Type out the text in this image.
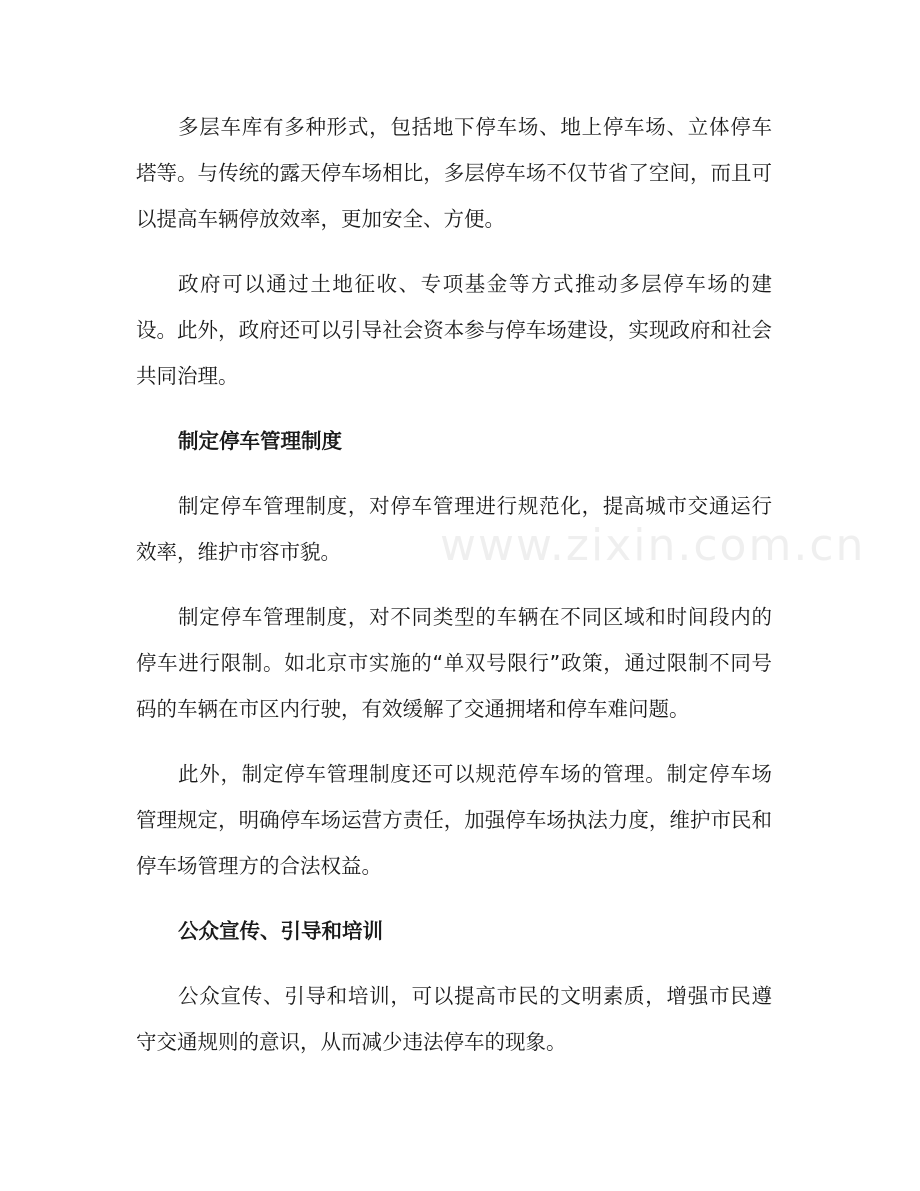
www.zixin.com.cn

多层车库有多种形式，包括地下停车场、地上停车场、立体停车塔等。与传统的露天停车场相比，多层停车场不仅节省了空间，而且可以提高车辆停放效率，更加安全、方便。

政府可以通过土地征收、专项基金等方式推动多层停车场的建设。此外，政府还可以引导社会资本参与停车场建设，实现政府和社会共同治理。

制定停车管理制度

制定停车管理制度，对停车管理进行规范化，提高城市交通运行效率，维护市容市貌。

制定停车管理制度，对不同类型的车辆在不同区域和时间段内的停车进行限制。如北京市实施的“单双号限行”政策，通过限制不同号码的车辆在市区内行驶，有效缓解了交通拥堵和停车难问题。

此外，制定停车管理制度还可以规范停车场的管理。制定停车场管理规定，明确停车场运营方责任，加强停车场执法力度，维护市民和停车场管理方的合法权益。

公众宣传、引导和培训

公众宣传、引导和培训，可以提高市民的文明素质，增强市民遵守交通规则的意识，从而减少违法停车的现象。
